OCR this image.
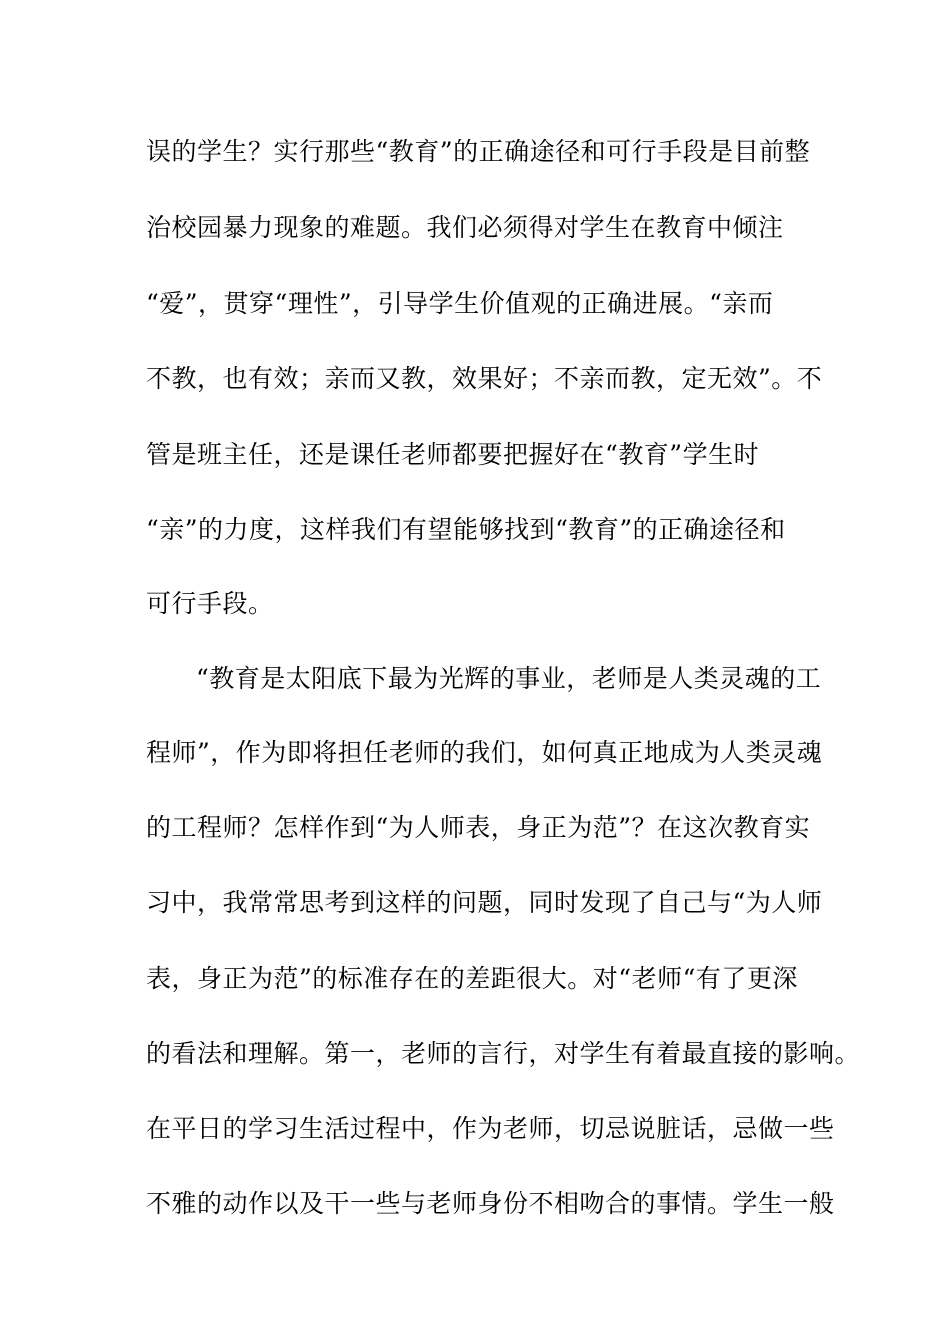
误的学生？实行那些“教育”的正确途径和可行手段是目前整
治校园暴力现象的难题。我们必须得对学生在教育中倾注
“爱”，贯穿“理性”，引导学生价值观的正确进展。“亲而
不教，也有效；亲而又教，效果好；不亲而教，定无效”。不
管是班主任，还是课任老师都要把握好在“教育”学生时
“亲”的力度，这样我们有望能够找到“教育”的正确途径和
可行手段。
“教育是太阳底下最为光辉的事业，老师是人类灵魂的工
程师”，作为即将担任老师的我们，如何真正地成为人类灵魂
的工程师？怎样作到“为人师表，身正为范”？在这次教育实
习中，我常常思考到这样的问题，同时发现了自己与“为人师
表，身正为范”的标准存在的差距很大。对“老师“有了更深
的看法和理解。第一，老师的言行，对学生有着最直接的影响。
在平日的学习生活过程中，作为老师，切忌说脏话，忌做一些
不雅的动作以及干一些与老师身份不相吻合的事情。学生一般
